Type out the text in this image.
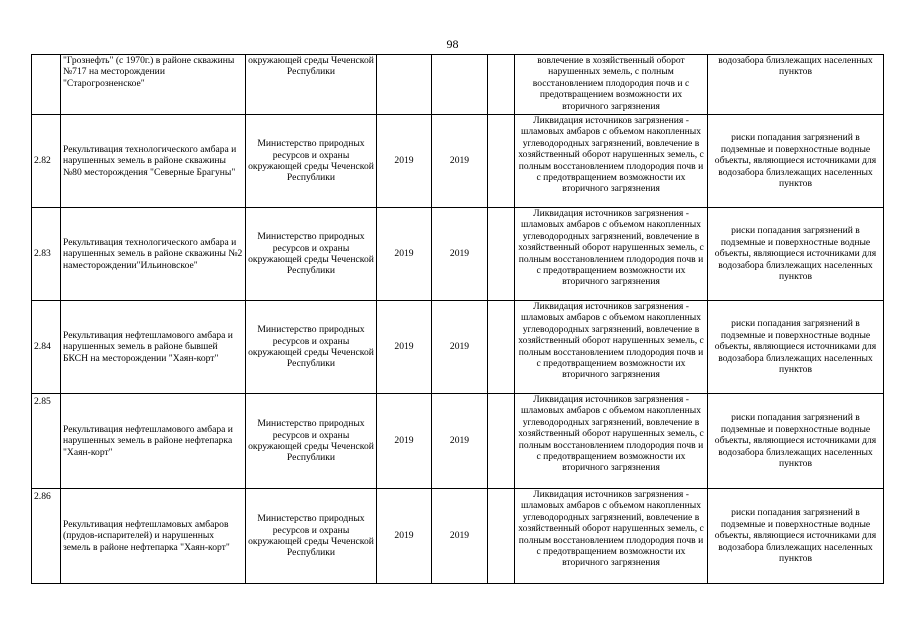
98
	"Грознефть" (с 1970г.) в районе скважины №717 на месторождении "Старогрозненское"	окружающей среды Чеченской Республики				вовлечение в хозяйственный оборот нарушенных земель, с полным восстановлением плодородия почв и с предотвращением возможности их вторичного загрязнения	водозабора близлежащих населенных пунктов
2.82	Рекультивация технологического амбара и нарушенных земель в районе скважины №80 месторождения "Северные Брагуны"	Министерство природных ресурсов и охраны окружающей среды Чеченской Республики	2019	2019		Ликвидация источников загрязнения - шламовых амбаров с объемом накопленных углеводородных загрязнений, вовлечение в хозяйственный оборот нарушенных земель, с полным восстановлением плодородия почв и с предотвращением возможности их вторичного загрязнения	риски попадания загрязнений в подземные и поверхностные водные объекты, являющиеся источниками для водозабора близлежащих населенных пунктов
2.83	Рекультивация технологического амбара и нарушенных земель в районе скважины №2 наместорождении"Ильиновское"	Министерство природных ресурсов и охраны окружающей среды Чеченской Республики	2019	2019		Ликвидация источников загрязнения - шламовых амбаров с объемом накопленных углеводородных загрязнений, вовлечение в хозяйственный оборот нарушенных земель, с полным восстановлением плодородия почв и с предотвращением возможности их вторичного загрязнения	риски попадания загрязнений в подземные и поверхностные водные объекты, являющиеся источниками для водозабора близлежащих населенных пунктов
2.84	Рекультивация нефтешламового амбара и нарушенных земель в районе бывшей БКСН на месторождении "Хаян-корт"	Министерство природных ресурсов и охраны окружающей среды Чеченской Республики	2019	2019		Ликвидация источников загрязнения - шламовых амбаров с объемом накопленных углеводородных загрязнений, вовлечение в хозяйственный оборот нарушенных земель, с полным восстановлением плодородия почв и с предотвращением возможности их вторичного загрязнения	риски попадания загрязнений в подземные и поверхностные водные объекты, являющиеся источниками для водозабора близлежащих населенных пунктов
2.85	Рекультивация нефтешламового амбара и нарушенных земель в районе нефтепарка "Хаян-корт"	Министерство природных ресурсов и охраны окружающей среды Чеченской Республики	2019	2019		Ликвидация источников загрязнения - шламовых амбаров с объемом накопленных углеводородных загрязнений, вовлечение в хозяйственный оборот нарушенных земель, с полным восстановлением плодородия почв и с предотвращением возможности их вторичного загрязнения	риски попадания загрязнений в подземные и поверхностные водные объекты, являющиеся источниками для водозабора близлежащих населенных пунктов
2.86	Рекультивация нефтешламовых амбаров (прудов-испарителей) и нарушенных земель в районе нефтепарка "Хаян-корт"	Министерство природных ресурсов и охраны окружающей среды Чеченской Республики	2019	2019		Ликвидация источников загрязнения - шламовых амбаров с объемом накопленных углеводородных загрязнений, вовлечение в хозяйственный оборот нарушенных земель, с полным восстановлением плодородия почв и с предотвращением возможности их вторичного загрязнения	риски попадания загрязнений в подземные и поверхностные водные объекты, являющиеся источниками для водозабора близлежащих населенных пунктов
